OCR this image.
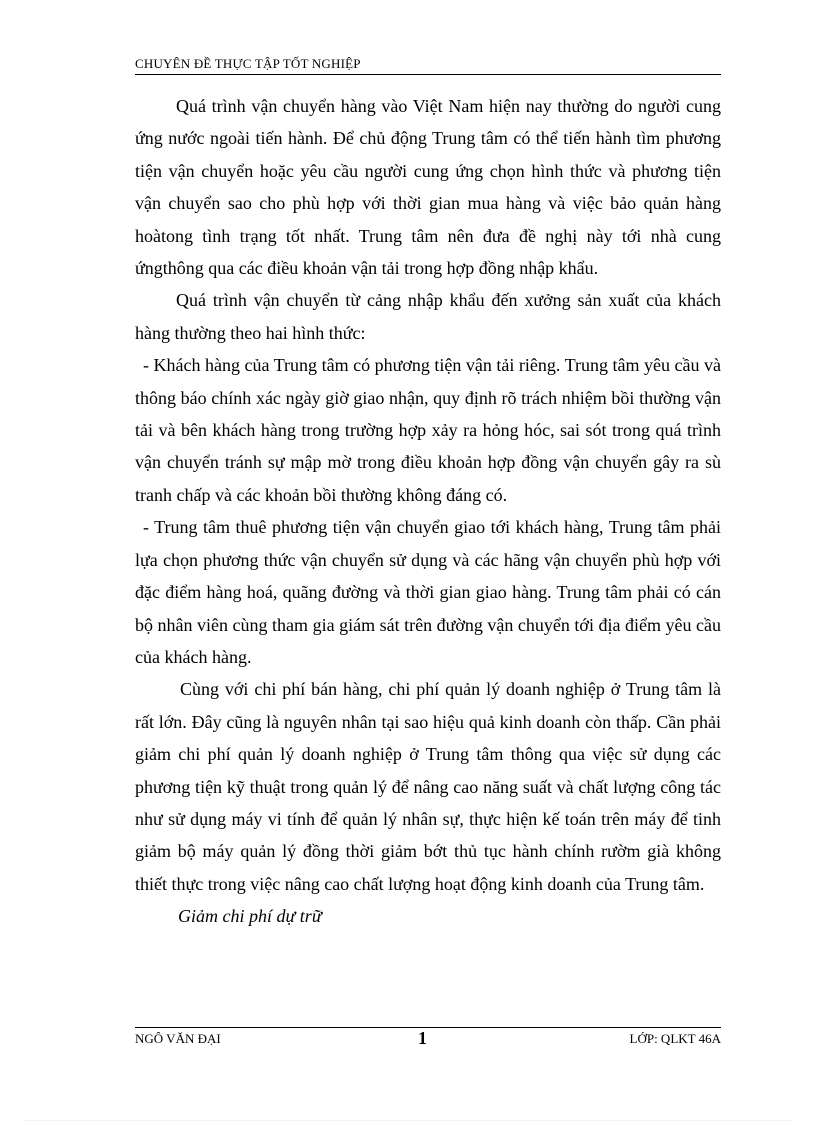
CHUYÊN ĐỀ THỰC TẬP TỐT NGHIỆP

Quá trình vận chuyển hàng vào Việt Nam hiện nay thường do người cung ứng nước ngoài tiến hành. Để chủ động Trung tâm có thể tiến hành tìm phương tiện vận chuyển hoặc yêu cầu người cung ứng chọn hình thức và phương tiện vận chuyển sao cho phù hợp với thời gian mua hàng và việc bảo quản hàng hoàtong tình trạng tốt nhất. Trung tâm nên đưa đề nghị này tới nhà cung ứngthông qua các điều khoản vận tải trong hợp đồng nhập khẩu.

Quá trình vận chuyển từ cảng nhập khẩu đến xưởng sản xuất của khách hàng thường theo hai hình thức:

- Khách hàng của Trung tâm có phương tiện vận tải riêng. Trung tâm yêu cầu và thông báo chính xác ngày giờ giao nhận, quy định rõ trách nhiệm bồi thường vận tải và bên khách hàng trong trường hợp xảy ra hỏng hóc, sai sót trong quá trình vận chuyển tránh sự mập mờ trong điều khoản hợp đồng vận chuyển gây ra sù tranh chấp và các khoản bồi thường không đáng có.

- Trung tâm thuê phương tiện vận chuyển giao tới khách hàng, Trung tâm phải lựa chọn phương thức vận chuyển sử dụng và các hãng vận chuyển phù hợp với đặc điểm hàng hoá, quãng đường và thời gian giao hàng. Trung tâm phải có cán bộ nhân viên cùng tham gia giám sát trên đường vận chuyển tới địa điểm yêu cầu của khách hàng.

Cùng với chi phí bán hàng, chi phí quản lý doanh nghiệp ở Trung tâm là rất lớn. Đây cũng là nguyên nhân tại sao hiệu quả kinh doanh còn thấp. Cần phải giảm chi phí quản lý doanh nghiệp ở Trung tâm thông qua việc sử dụng các phương tiện kỹ thuật trong quản lý để nâng cao năng suất và chất lượng công tác như sử dụng máy vi tính để quản lý nhân sự, thực hiện kế toán trên máy để tinh giảm bộ máy quản lý đồng thời giảm bớt thủ tục hành chính rườm già không thiết thực trong việc nâng cao chất lượng hoạt động kinh doanh của Trung tâm.

Giảm chi phí dự trữ

NGÔ VĂN ĐẠI	1	LỚP: QLKT 46A
